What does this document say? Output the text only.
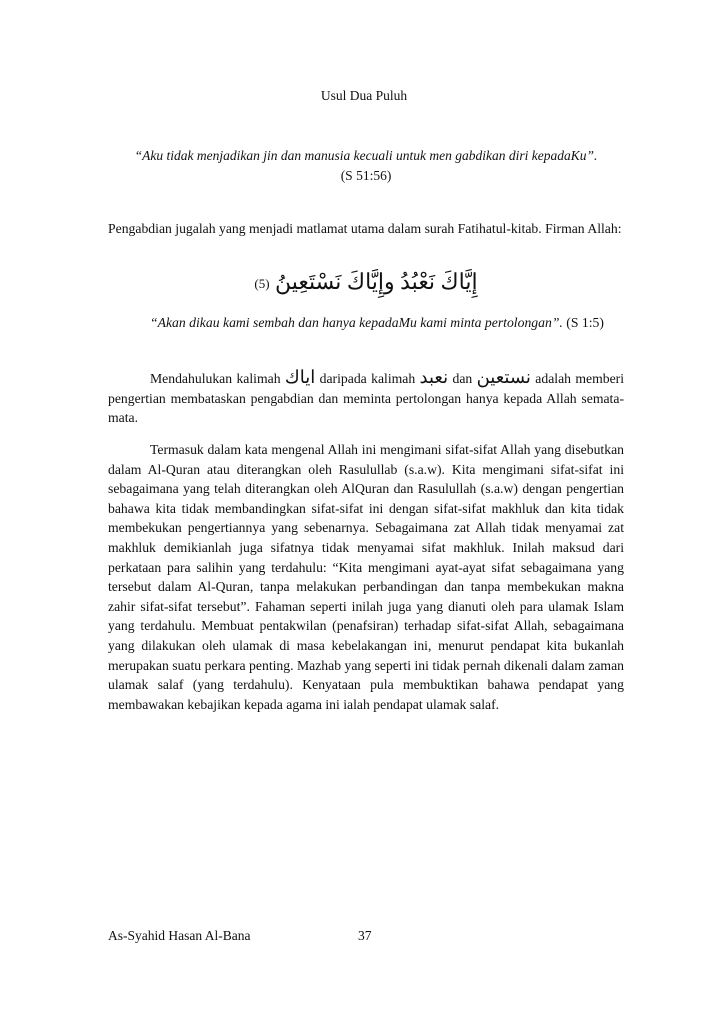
Usul Dua Puluh
“Aku tidak menjadikan jin dan manusia kecuali untuk men gabdikan diri kepadaKu”.
(S 51:56)
Pengabdian jugalah yang menjadi matlamat utama dalam surah Fatihatul-kitab. Firman Allah:
(5) إِيَّاكَ نَعْبُدُ وإِيَّاكَ نَسْتَعِينُ
“Akan dikau kami sembah dan hanya kepadaMu kami minta pertolongan”. (S 1:5)
Mendahulukan kalimah اياك daripada kalimah نعبد dan نستعين adalah memberi pengertian membataskan pengabdian dan meminta pertolongan hanya kepada Allah semata-mata.
Termasuk dalam kata mengenal Allah ini mengimani sifat-sifat Allah yang disebutkan dalam Al-Quran atau diterangkan oleh Rasulullab (s.a.w). Kita mengimani sifat-sifat ini sebagaimana yang telah diterangkan oleh AlQuran dan Rasulullah (s.a.w) dengan pengertian bahawa kita tidak membandingkan sifat-sifat ini dengan sifat-sifat makhluk dan kita tidak membekukan pengertiannya yang sebenarnya. Sebagaimana zat Allah tidak menyamai zat makhluk demikianlah juga sifatnya tidak menyamai sifat makhluk. Inilah maksud dari perkataan para salihin yang terdahulu: “Kita mengimani ayat-ayat sifat sebagaimana yang tersebut dalam Al-Quran, tanpa melakukan perbandingan dan tanpa membekukan makna zahir sifat-sifat tersebut”. Fahaman seperti inilah juga yang dianuti oleh para ulamak Islam yang terdahulu. Membuat pentakwilan (penafsiran) terhadap sifat-sifat Allah, sebagaimana yang dilakukan oleh ulamak di masa kebelakangan ini, menurut pendapat kita bukanlah merupakan suatu perkara penting. Mazhab yang seperti ini tidak pernah dikenali dalam zaman ulamak salaf (yang terdahulu). Kenyataan pula membuktikan bahawa pendapat yang membawakan kebajikan kepada agama ini ialah pendapat ulamak salaf.
As-Syahid Hasan Al-Bana	37
